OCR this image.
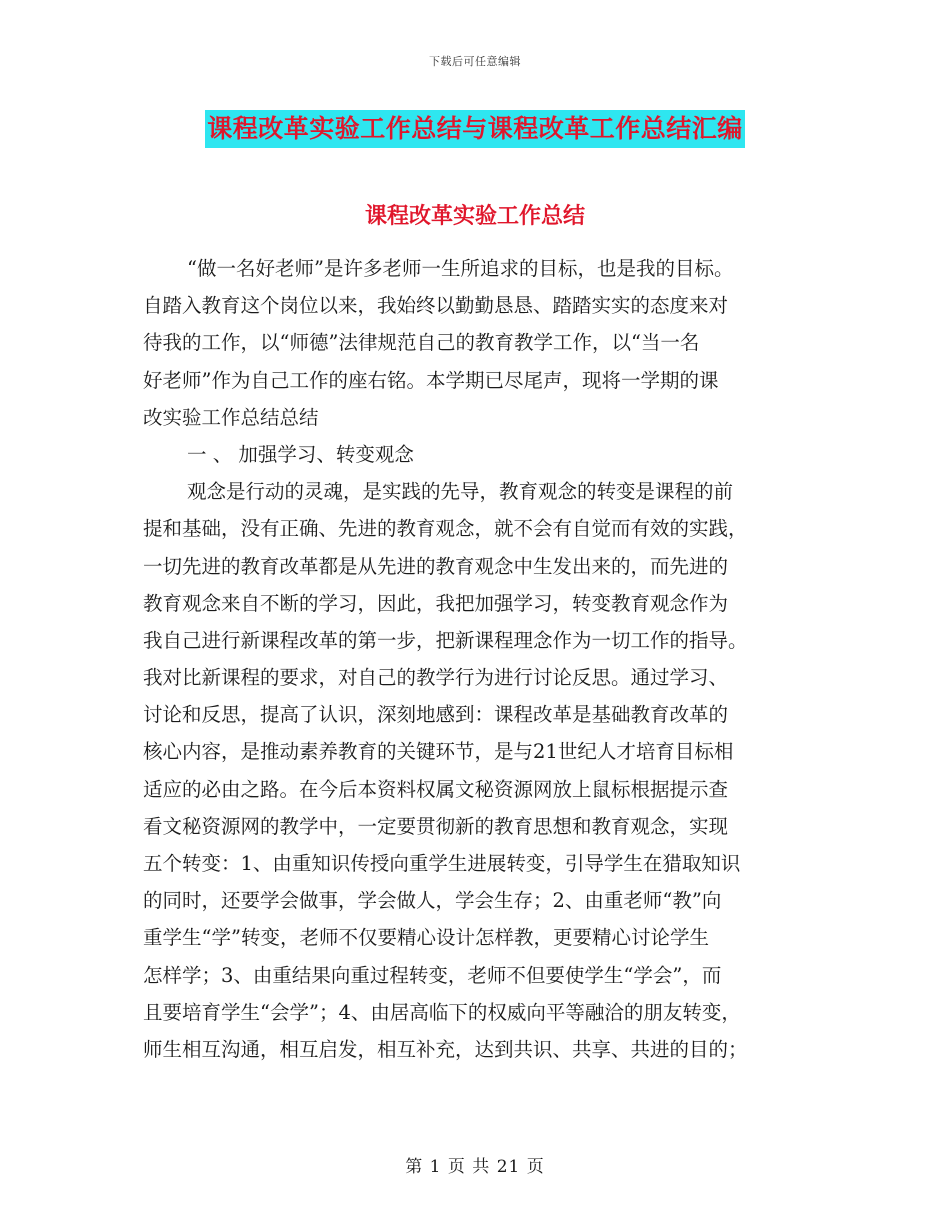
下载后可任意编辑
课程改革实验工作总结与课程改革工作总结汇编
课程改革实验工作总结
“做一名好老师”是许多老师一生所追求的目标，也是我的目标。
自踏入教育这个岗位以来，我始终以勤勤恳恳、踏踏实实的态度来对
待我的工作，以“师德”法律规范自己的教育教学工作，以“当一名
好老师”作为自己工作的座右铭。本学期已尽尾声，现将一学期的课
改实验工作总结总结
一 、 加强学习、转变观念
观念是行动的灵魂，是实践的先导，教育观念的转变是课程的前
提和基础，没有正确、先进的教育观念，就不会有自觉而有效的实践，
一切先进的教育改革都是从先进的教育观念中生发出来的，而先进的
教育观念来自不断的学习，因此，我把加强学习，转变教育观念作为
我自己进行新课程改革的第一步，把新课程理念作为一切工作的指导。
我对比新课程的要求，对自己的教学行为进行讨论反思。通过学习、
讨论和反思，提高了认识，深刻地感到：课程改革是基础教育改革的
核心内容，是推动素养教育的关键环节，是与21世纪人才培育目标相
适应的必由之路。在今后本资料权属文秘资源网放上鼠标根据提示查
看文秘资源网的教学中，一定要贯彻新的教育思想和教育观念，实现
五个转变：1、由重知识传授向重学生进展转变，引导学生在猎取知识
的同时，还要学会做事，学会做人，学会生存；2、由重老师“教”向
重学生“学”转变，老师不仅要精心设计怎样教，更要精心讨论学生
怎样学；3、由重结果向重过程转变，老师不但要使学生“学会”，而
且要培育学生“会学”；4、由居高临下的权威向平等融洽的朋友转变，
师生相互沟通，相互启发，相互补充，达到共识、共享、共进的目的；
第 1 页 共 21 页
